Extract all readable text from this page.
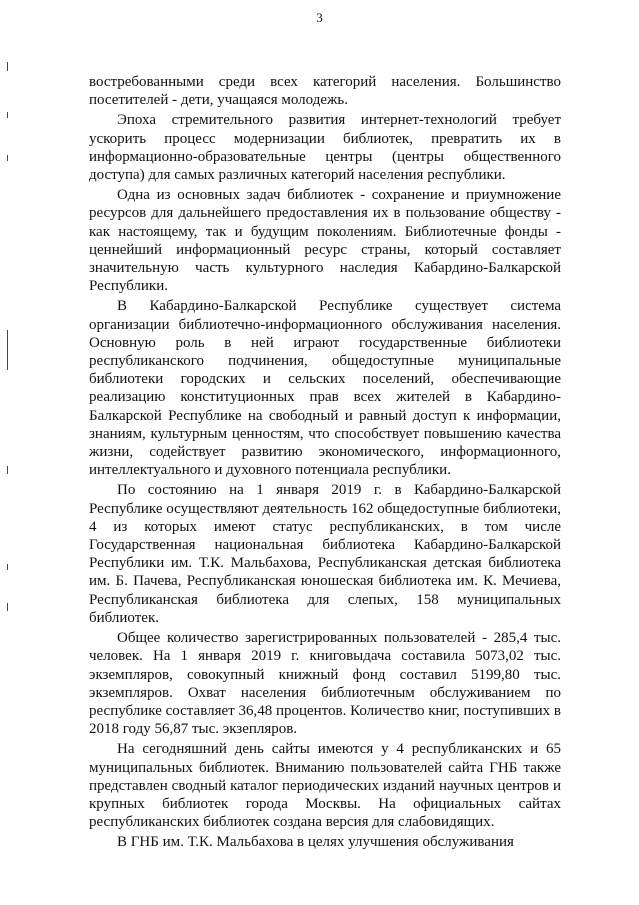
3

востребованными среди всех категорий населения. Большинство посетителей - дети, учащаяся молодежь.

Эпоха стремительного развития интернет-технологий требует ускорить процесс модернизации библиотек, превратить их в информационно-образовательные центры (центры общественного доступа) для самых различных категорий населения республики.

Одна из основных задач библиотек - сохранение и приумножение ресурсов для дальнейшего предоставления их в пользование обществу - как настоящему, так и будущим поколениям. Библиотечные фонды - ценнейший информационный ресурс страны, который составляет значительную часть культурного наследия Кабардино-Балкарской Республики.

В Кабардино-Балкарской Республике существует система организации библиотечно-информационного обслуживания населения. Основную роль в ней играют государственные библиотеки республиканского подчинения, общедоступные муниципальные библиотеки городских и сельских поселений, обеспечивающие реализацию конституционных прав всех жителей в Кабардино-Балкарской Республике на свободный и равный доступ к информации, знаниям, культурным ценностям, что способствует повышению качества жизни, содействует развитию экономического, информационного, интеллектуального и духовного потенциала республики.

По состоянию на 1 января 2019 г. в Кабардино-Балкарской Республике осуществляют деятельность 162 общедоступные библиотеки, 4 из которых имеют статус республиканских, в том числе Государственная национальная библиотека Кабардино-Балкарской Республики им. Т.К. Мальбахова, Республиканская детская библиотека им. Б. Пачева, Республиканская юношеская библиотека им. К. Мечиева, Республиканская библиотека для слепых, 158 муниципальных библиотек.

Общее количество зарегистрированных пользователей - 285,4 тыс. человек. На 1 января 2019 г. книговыдача составила 5073,02 тыс. экземпляров, совокупный книжный фонд составил 5199,80 тыс. экземпляров. Охват населения библиотечным обслуживанием по республике составляет 36,48 процентов. Количество книг, поступивших в 2018 году 56,87 тыс. экзепляров.

На сегодняшний день сайты имеются у 4 республиканских и 65 муниципальных библиотек. Вниманию пользователей сайта ГНБ также представлен сводный каталог периодических изданий научных центров и крупных библиотек города Москвы. На официальных сайтах республиканских библиотек создана версия для слабовидящих.

В ГНБ им. Т.К. Мальбахова в целях улучшения обслуживания
